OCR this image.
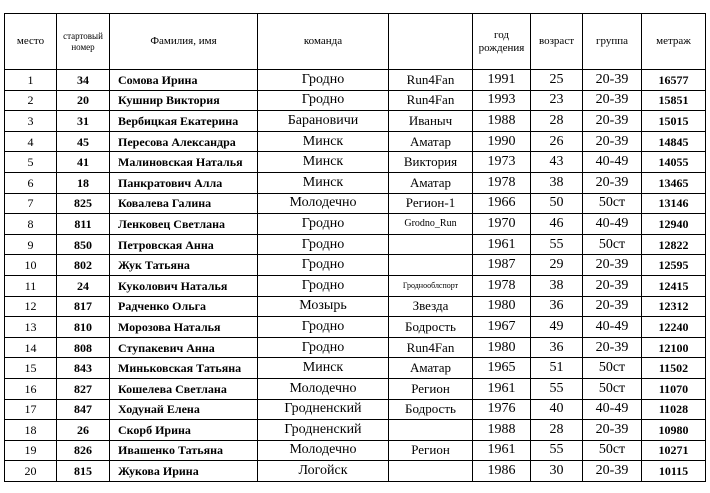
место	стартовый номер	Фамилия, имя	команда		год рождения	возраст	группа	метраж
1	34	Сомова Ирина	Гродно	Run4Fan	1991	25	20-39	16577
2	20	Кушнир Виктория	Гродно	Run4Fan	1993	23	20-39	15851
3	31	Вербицкая Екатерина	Барановичи	Иваныч	1988	28	20-39	15015
4	45	Пересова Александра	Минск	Аматар	1990	26	20-39	14845
5	41	Малиновская Наталья	Минск	Виктория	1973	43	40-49	14055
6	18	Панкратович Алла	Минск	Аматар	1978	38	20-39	13465
7	825	Ковалева Галина	Молодечно	Регион-1	1966	50	50ст	13146
8	811	Ленковец Светлана	Гродно	Grodno_Run	1970	46	40-49	12940
9	850	Петровская Анна	Гродно		1961	55	50ст	12822
10	802	Жук Татьяна	Гродно		1987	29	20-39	12595
11	24	Куколович Наталья	Гродно	Гродноoблспорт	1978	38	20-39	12415
12	817	Радченко Ольга	Мозырь	Звезда	1980	36	20-39	12312
13	810	Морозова Наталья	Гродно	Бодрость	1967	49	40-49	12240
14	808	Ступакевич Анна	Гродно	Run4Fan	1980	36	20-39	12100
15	843	Миньковская Татьяна	Минск	Аматар	1965	51	50ст	11502
16	827	Кошелева Светлана	Молодечно	Регион	1961	55	50ст	11070
17	847	Ходунай Елена	Гродненский	Бодрость	1976	40	40-49	11028
18	26	Скорб Ирина	Гродненский		1988	28	20-39	10980
19	826	Ивашенко Татьяна	Молодечно	Регион	1961	55	50ст	10271
20	815	Жукова Ирина	Логойск		1986	30	20-39	10115
